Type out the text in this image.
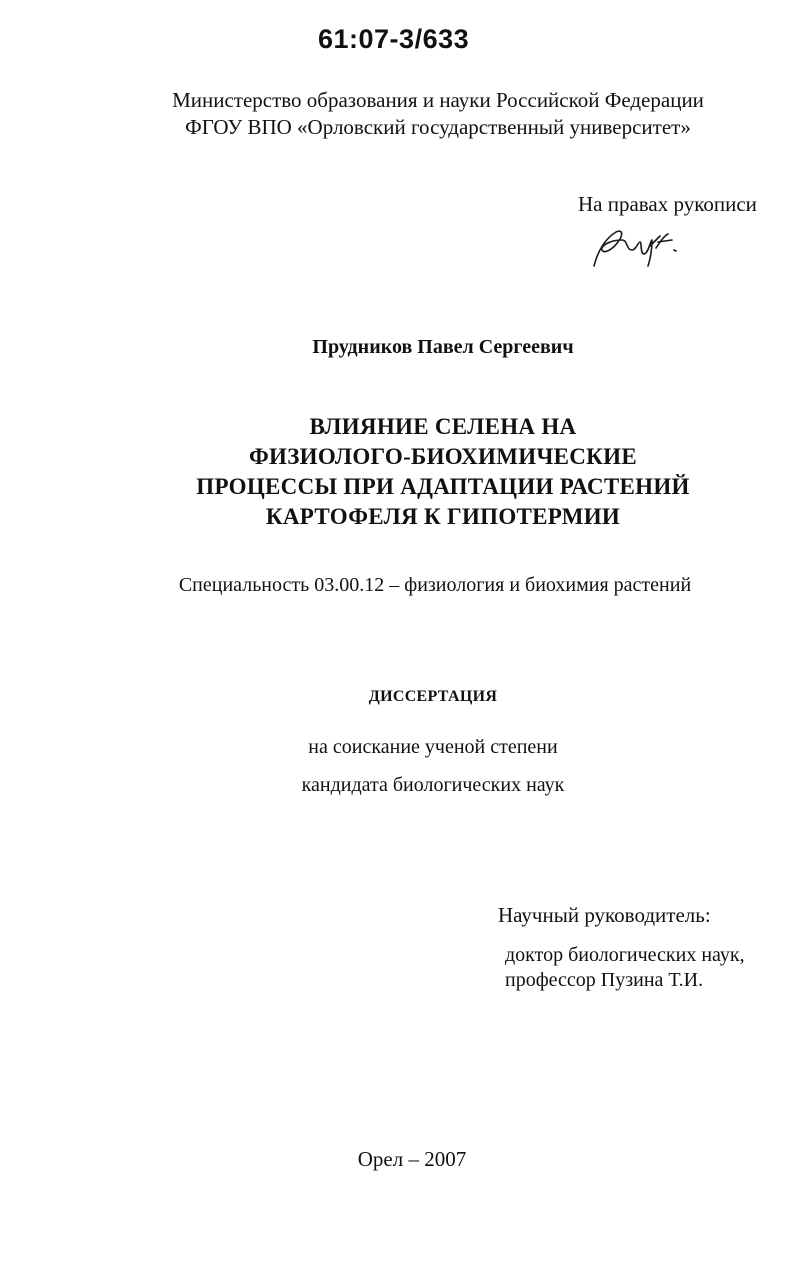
61:07-3/633
Министерство образования и науки Российской Федерации
ФГОУ ВПО «Орловский государственный университет»
На правах рукописи
Прудников Павел Сергеевич
ВЛИЯНИЕ СЕЛЕНА НА
ФИЗИОЛОГО-БИОХИМИЧЕСКИЕ
ПРОЦЕССЫ ПРИ АДАПТАЦИИ РАСТЕНИЙ
КАРТОФЕЛЯ К ГИПОТЕРМИИ
Специальность 03.00.12 – физиология и биохимия растений
ДИССЕРТАЦИЯ
на соискание ученой степени
кандидата биологических наук
Научный руководитель:
доктор биологических наук,
профессор Пузина Т.И.
Орел – 2007
